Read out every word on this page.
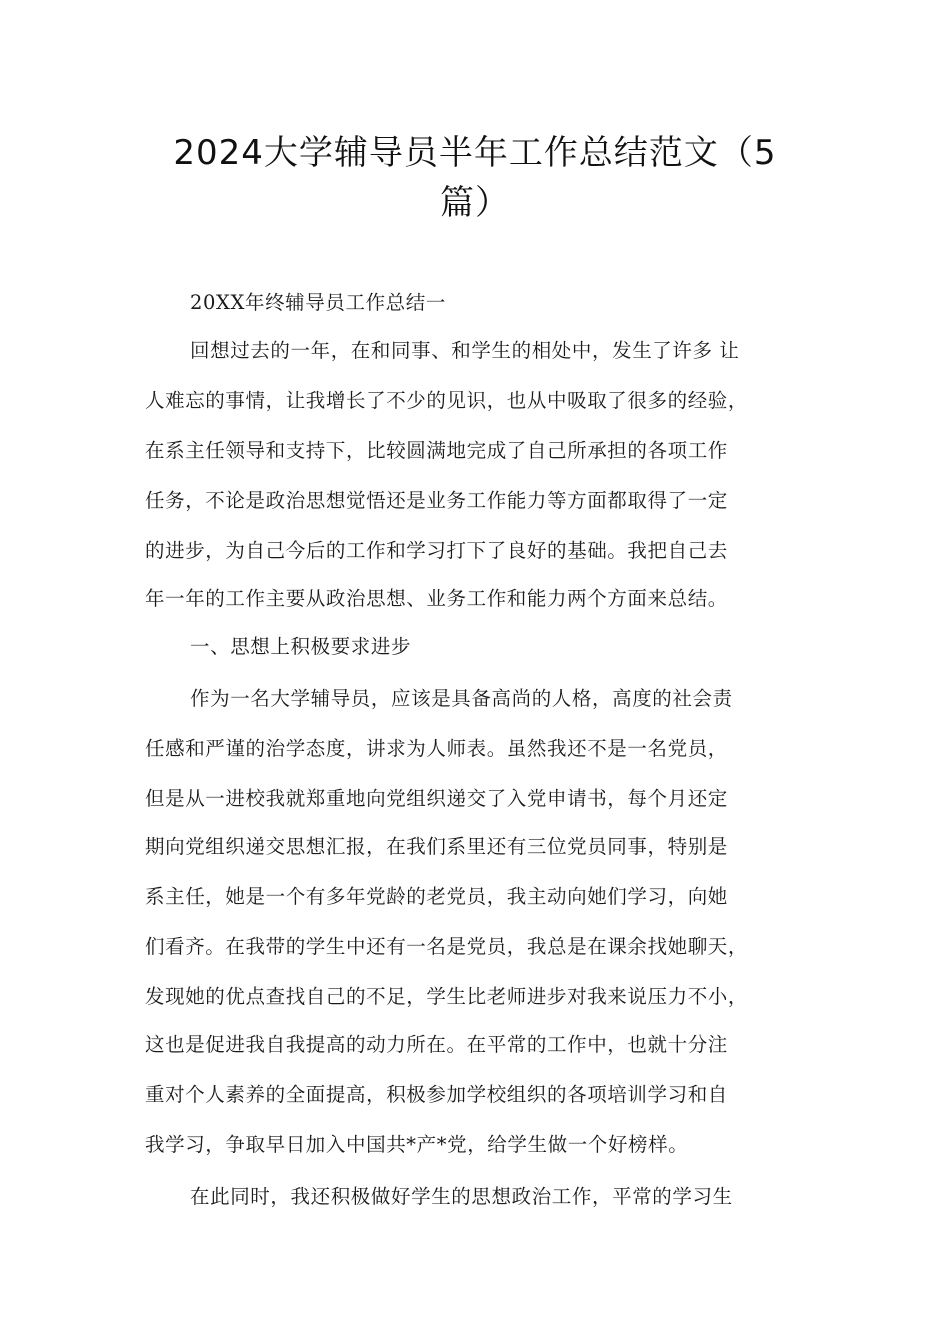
2024大学辅导员半年工作总结范文（5
篇）
20XX年终辅导员工作总结一
回想过去的一年，在和同事、和学生的相处中，发生了许多 让
人难忘的事情，让我增长了不少的见识，也从中吸取了很多的经验，
在系主任领导和支持下，比较圆满地完成了自己所承担的各项工作
任务，不论是政治思想觉悟还是业务工作能力等方面都取得了一定
的进步，为自己今后的工作和学习打下了良好的基础。我把自己去
年一年的工作主要从政治思想、业务工作和能力两个方面来总结。
一、思想上积极要求进步
作为一名大学辅导员，应该是具备高尚的人格，高度的社会责
任感和严谨的治学态度，讲求为人师表。虽然我还不是一名党员，
但是从一进校我就郑重地向党组织递交了入党申请书，每个月还定
期向党组织递交思想汇报，在我们系里还有三位党员同事，特别是
系主任，她是一个有多年党龄的老党员，我主动向她们学习，向她
们看齐。在我带的学生中还有一名是党员，我总是在课余找她聊天，
发现她的优点查找自己的不足，学生比老师进步对我来说压力不小，
这也是促进我自我提高的动力所在。在平常的工作中，也就十分注
重对个人素养的全面提高，积极参加学校组织的各项培训学习和自
我学习，争取早日加入中国共*产*党，给学生做一个好榜样。
在此同时，我还积极做好学生的思想政治工作，平常的学习生
